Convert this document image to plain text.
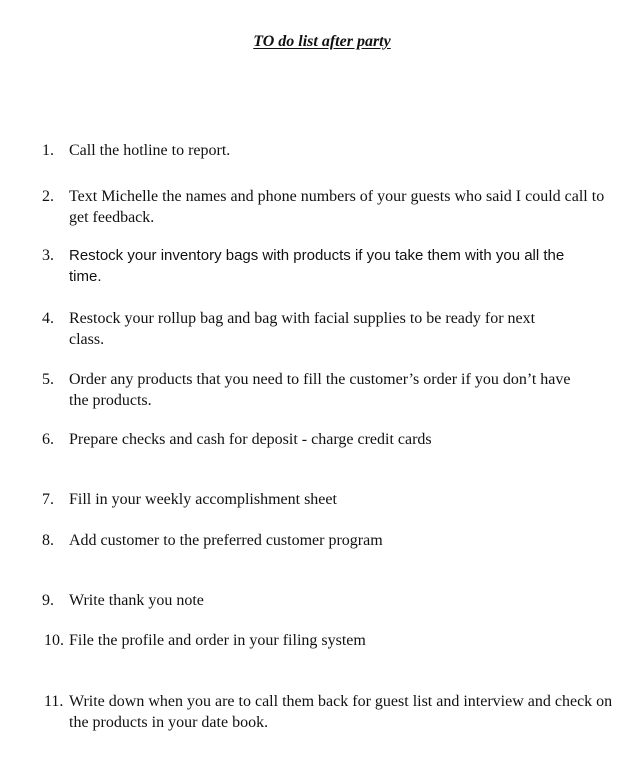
TO do list after party
1. Call the hotline to report.
2. Text Michelle the names and phone numbers of your guests who said I could call to get feedback.
3.	Restock your inventory bags with products if you take them with you all the time.
4. Restock your rollup bag and bag with facial supplies to be ready for next class.
5. Order any products that you need to fill the customer’s order if you don’t have the products.
6. Prepare checks and cash for deposit - charge credit cards
7. Fill in your weekly accomplishment sheet
8. Add customer to the preferred customer program
9. Write thank you note
10. File the profile and order in your filing system
11. Write down when you are to call them back for guest list and interview and check on the products in your date book.
